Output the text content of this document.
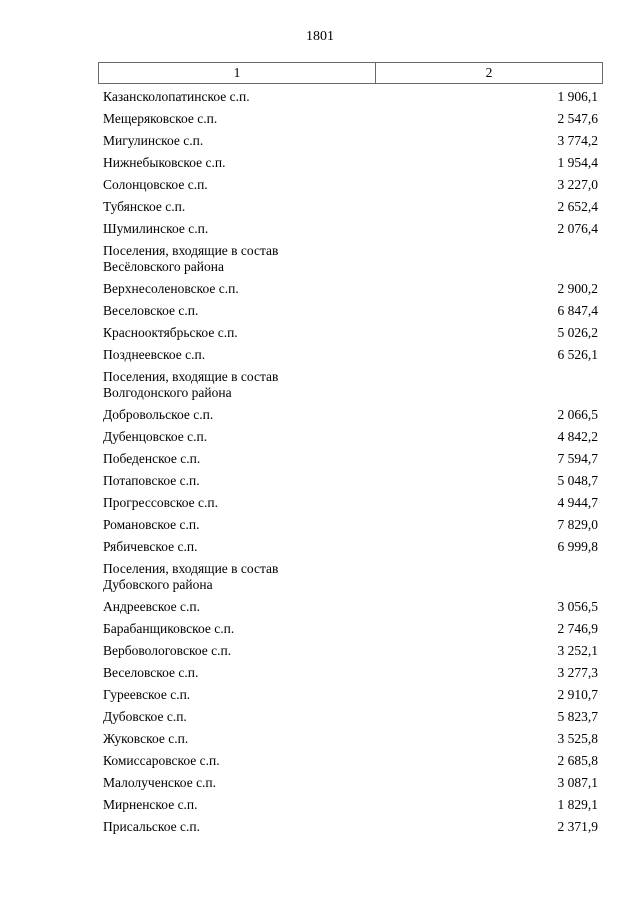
1801
1	2
Казансколопатинское с.п.	1 906,1
Мещеряковское с.п.	2 547,6
Мигулинское с.п.	3 774,2
Нижнебыковское с.п.	1 954,4
Солонцовское с.п.	3 227,0
Тубянское с.п.	2 652,4
Шумилинское с.п.	2 076,4
Поселения, входящие в состав
Весёловского района
Верхнесоленовское с.п.	2 900,2
Веселовское с.п.	6 847,4
Краснооктябрьское с.п.	5 026,2
Позднеевское с.п.	6 526,1
Поселения, входящие в состав
Волгодонского района
Добровольское с.п.	2 066,5
Дубенцовское с.п.	4 842,2
Победенское с.п.	7 594,7
Потаповское с.п.	5 048,7
Прогрессовское с.п.	4 944,7
Романовское с.п.	7 829,0
Рябичевское с.п.	6 999,8
Поселения, входящие в состав
Дубовского района
Андреевское с.п.	3 056,5
Барабанщиковское с.п.	2 746,9
Вербовологовское с.п.	3 252,1
Веселовское с.п.	3 277,3
Гуреевское с.п.	2 910,7
Дубовское с.п.	5 823,7
Жуковское с.п.	3 525,8
Комиссаровское с.п.	2 685,8
Малолученское с.п.	3 087,1
Мирненское с.п.	1 829,1
Присальское с.п.	2 371,9
